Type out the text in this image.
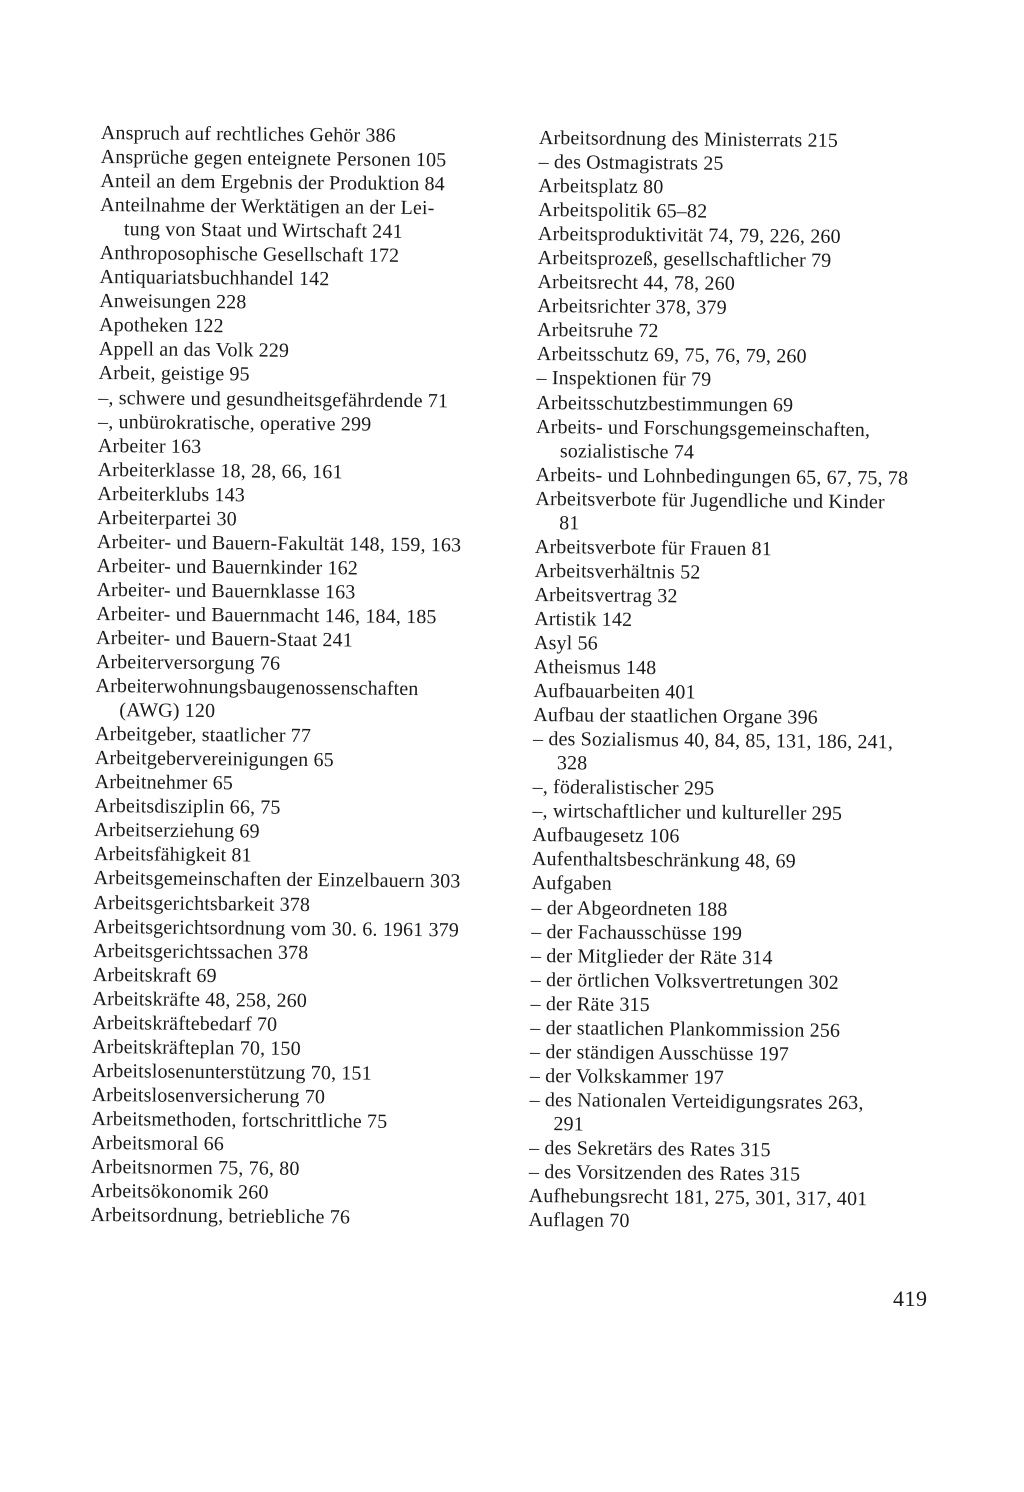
Anspruch auf rechtliches Gehör 386
Ansprüche gegen enteignete Personen 105
Anteil an dem Ergebnis der Produktion 84
Anteilnahme der Werktätigen an der Lei-
tung von Staat und Wirtschaft 241
Anthroposophische Gesellschaft 172
Antiquariatsbuchhandel 142
Anweisungen 228
Apotheken 122
Appell an das Volk 229
Arbeit, geistige 95
–, schwere und gesundheitsgefährdende 71
–, unbürokratische, operative 299
Arbeiter 163
Arbeiterklasse 18, 28, 66, 161
Arbeiterklubs 143
Arbeiterpartei 30
Arbeiter- und Bauern-Fakultät 148, 159, 163
Arbeiter- und Bauernkinder 162
Arbeiter- und Bauernklasse 163
Arbeiter- und Bauernmacht 146, 184, 185
Arbeiter- und Bauern-Staat 241
Arbeiterversorgung 76
Arbeiterwohnungsbaugenossenschaften
(AWG) 120
Arbeitgeber, staatlicher 77
Arbeitgebervereinigungen 65
Arbeitnehmer 65
Arbeitsdisziplin 66, 75
Arbeitserziehung 69
Arbeitsfähigkeit 81
Arbeitsgemeinschaften der Einzelbauern 303
Arbeitsgerichtsbarkeit 378
Arbeitsgerichtsordnung vom 30. 6. 1961 379
Arbeitsgerichtssachen 378
Arbeitskraft 69
Arbeitskräfte 48, 258, 260
Arbeitskräftebedarf 70
Arbeitskräfteplan 70, 150
Arbeitslosenunterstützung 70, 151
Arbeitslosenversicherung 70
Arbeitsmethoden, fortschrittliche 75
Arbeitsmoral 66
Arbeitsnormen 75, 76, 80
Arbeitsökonomik 260
Arbeitsordnung, betriebliche 76
Arbeitsordnung des Ministerrats 215
– des Ostmagistrats 25
Arbeitsplatz 80
Arbeitspolitik 65–82
Arbeitsproduktivität 74, 79, 226, 260
Arbeitsprozeß, gesellschaftlicher 79
Arbeitsrecht 44, 78, 260
Arbeitsrichter 378, 379
Arbeitsruhe 72
Arbeitsschutz 69, 75, 76, 79, 260
– Inspektionen für 79
Arbeitsschutzbestimmungen 69
Arbeits- und Forschungsgemeinschaften,
sozialistische 74
Arbeits- und Lohnbedingungen 65, 67, 75, 78
Arbeitsverbote für Jugendliche und Kinder
81
Arbeitsverbote für Frauen 81
Arbeitsverhältnis 52
Arbeitsvertrag 32
Artistik 142
Asyl 56
Atheismus 148
Aufbauarbeiten 401
Aufbau der staatlichen Organe 396
– des Sozialismus 40, 84, 85, 131, 186, 241,
328
–, föderalistischer 295
–, wirtschaftlicher und kultureller 295
Aufbaugesetz 106
Aufenthaltsbeschränkung 48, 69
Aufgaben
– der Abgeordneten 188
– der Fachausschüsse 199
– der Mitglieder der Räte 314
– der örtlichen Volksvertretungen 302
– der Räte 315
– der staatlichen Plankommission 256
– der ständigen Ausschüsse 197
– der Volkskammer 197
– des Nationalen Verteidigungsrates 263,
291
– des Sekretärs des Rates 315
– des Vorsitzenden des Rates 315
Aufhebungsrecht 181, 275, 301, 317, 401
Auflagen 70
419
